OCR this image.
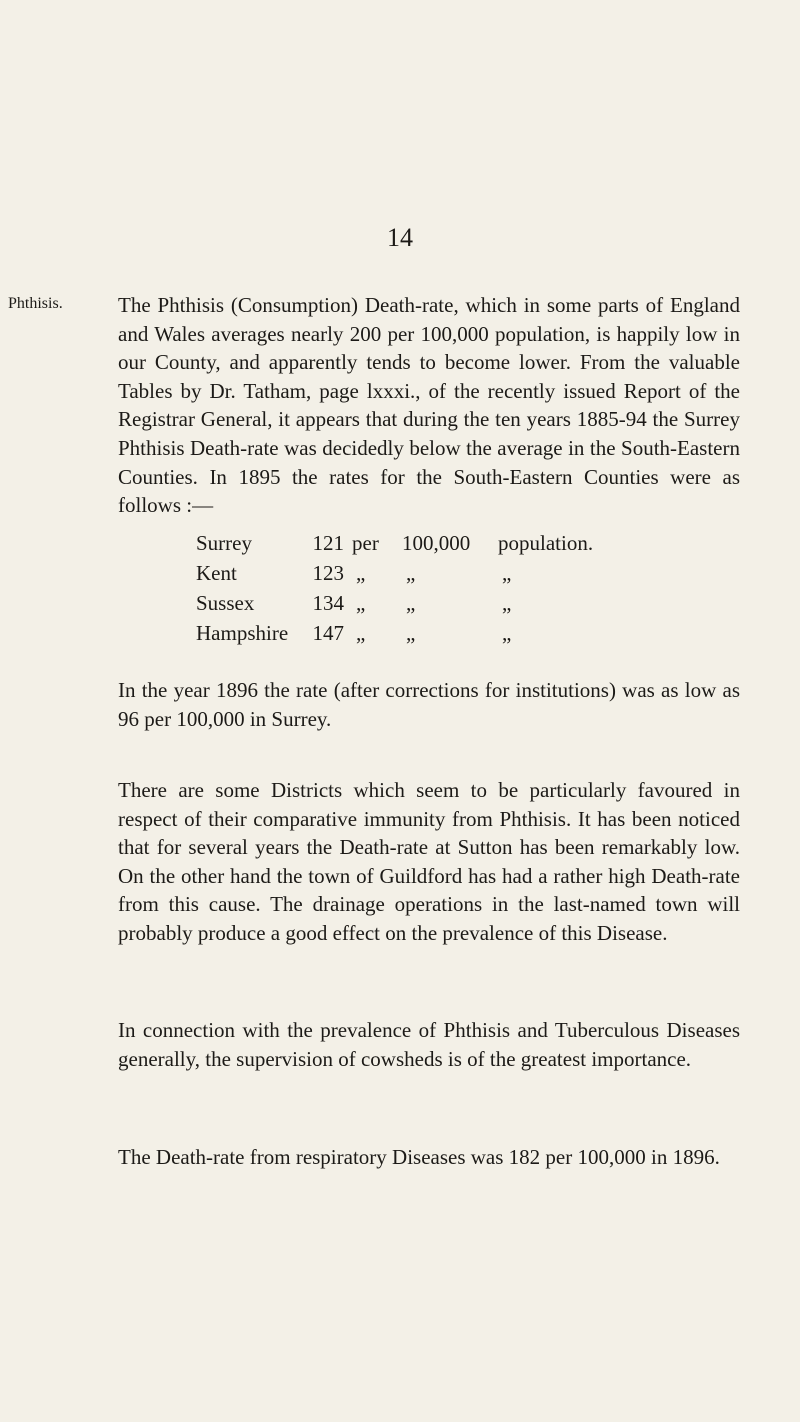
14
Phthisis.	The Phthisis (Consumption) Death-rate, which in some parts of England and Wales averages nearly 200 per 100,000 population, is happily low in our County, and apparently tends to become lower. From the valuable Tables by Dr. Tatham, page lxxxi., of the recently issued Report of the Registrar General, it appears that during the ten years 1885-94 the Surrey Phthisis Death-rate was decidedly below the average in the South-Eastern Counties. In 1895 the rates for the South-Eastern Counties were as follows :—

Surrey	121	per	100,000	population.
Kent	123	„	„	„
Sussex	134	„	„	„
Hampshire	147	„	„	„

In the year 1896 the rate (after corrections for institutions) was as low as 96 per 100,000 in Surrey.

There are some Districts which seem to be particularly favoured in respect of their comparative immunity from Phthisis. It has been noticed that for several years the Death-rate at Sutton has been remarkably low. On the other hand the town of Guildford has had a rather high Death-rate from this cause. The drainage operations in the last-named town will probably produce a good effect on the prevalence of this Disease.

In connection with the prevalence of Phthisis and Tuberculous Diseases generally, the supervision of cowsheds is of the greatest importance.

The Death-rate from respiratory Diseases was 182 per 100,000 in 1896.
